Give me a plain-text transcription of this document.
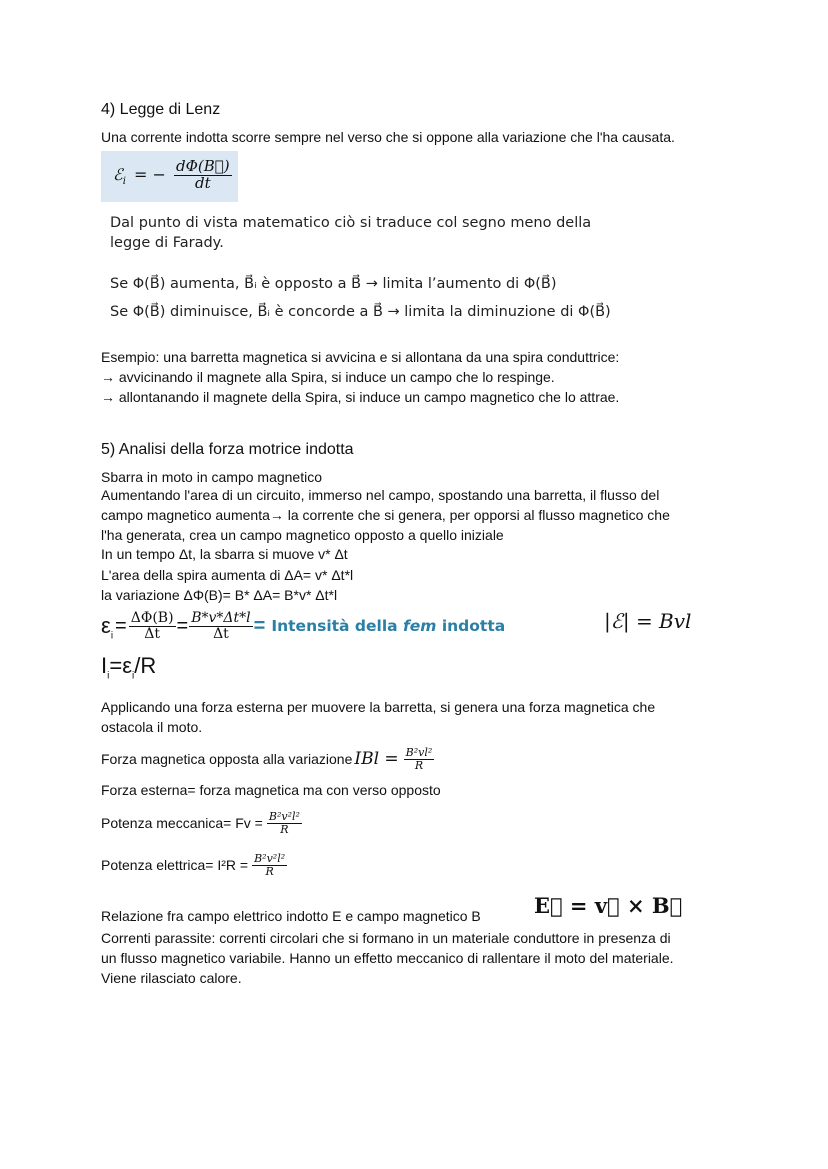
4) Legge di Lenz
Una corrente indotta scorre sempre nel verso che si oppone alla variazione che l'ha causata.
ℰ$_i$ = − $\frac{d\Phi(B⃗)}{dt}$
Dal punto di vista matematico ciò si traduce col segno meno della
legge di Farady.
Se Φ(B⃗) aumenta, B⃗ᵢ è opposto a B⃗ → limita l’aumento di Φ(B⃗)
Se Φ(B⃗) diminuisce, B⃗ᵢ è concorde a B⃗ → limita la diminuzione di Φ(B⃗)
Esempio: una barretta magnetica si avvicina e si allontana da una spira conduttrice:
→ avvicinando il magnete alla Spira, si induce un campo che lo respinge.
→ allontanando il magnete della Spira, si induce un campo magnetico che lo attrae.
5) Analisi della forza motrice indotta
Sbarra in moto in campo magnetico
Aumentando l'area di un circuito, immerso nel campo, spostando una barretta, il flusso del
campo magnetico aumenta→ la corrente che si genera, per opporsi al flusso magnetico che
l'ha generata, crea un campo magnetico opposto a quello iniziale
In un tempo Δt, la sbarra si muove v* Δt
L'area della spira aumenta di ΔA= v* Δt*l
la variazione ΔΦ(B)= B* ΔA= B*v* Δt*l
$\varepsilon_i = \frac{\Delta\Phi(B)}{\Delta t} = \frac{B*v*\Delta t*l}{\Delta t}$ = Intensità della fem indotta	|ℰ| = Bvl
$I_i=\varepsilon_i/R$
Applicando una forza esterna per muovere la barretta, si genera una forza magnetica che
ostacola il moto.
Forza magnetica opposta alla variazione IBl = $\frac{\text{B²vl²}}{R}$
Forza esterna= forza magnetica ma con verso opposto
Potenza meccanica= $Fv = \frac{\text{B²v²l²}}{R}$
Potenza elettrica= $I^2R = \frac{\text{B²v²l²}}{R}$
Relazione fra campo elettrico indotto E e campo magnetico B	E⃗ = v⃗ × B⃗
Correnti parassite: correnti circolari che si formano in un materiale conduttore in presenza di
un flusso magnetico variabile. Hanno un effetto meccanico di rallentare il moto del materiale.
Viene rilasciato calore.
